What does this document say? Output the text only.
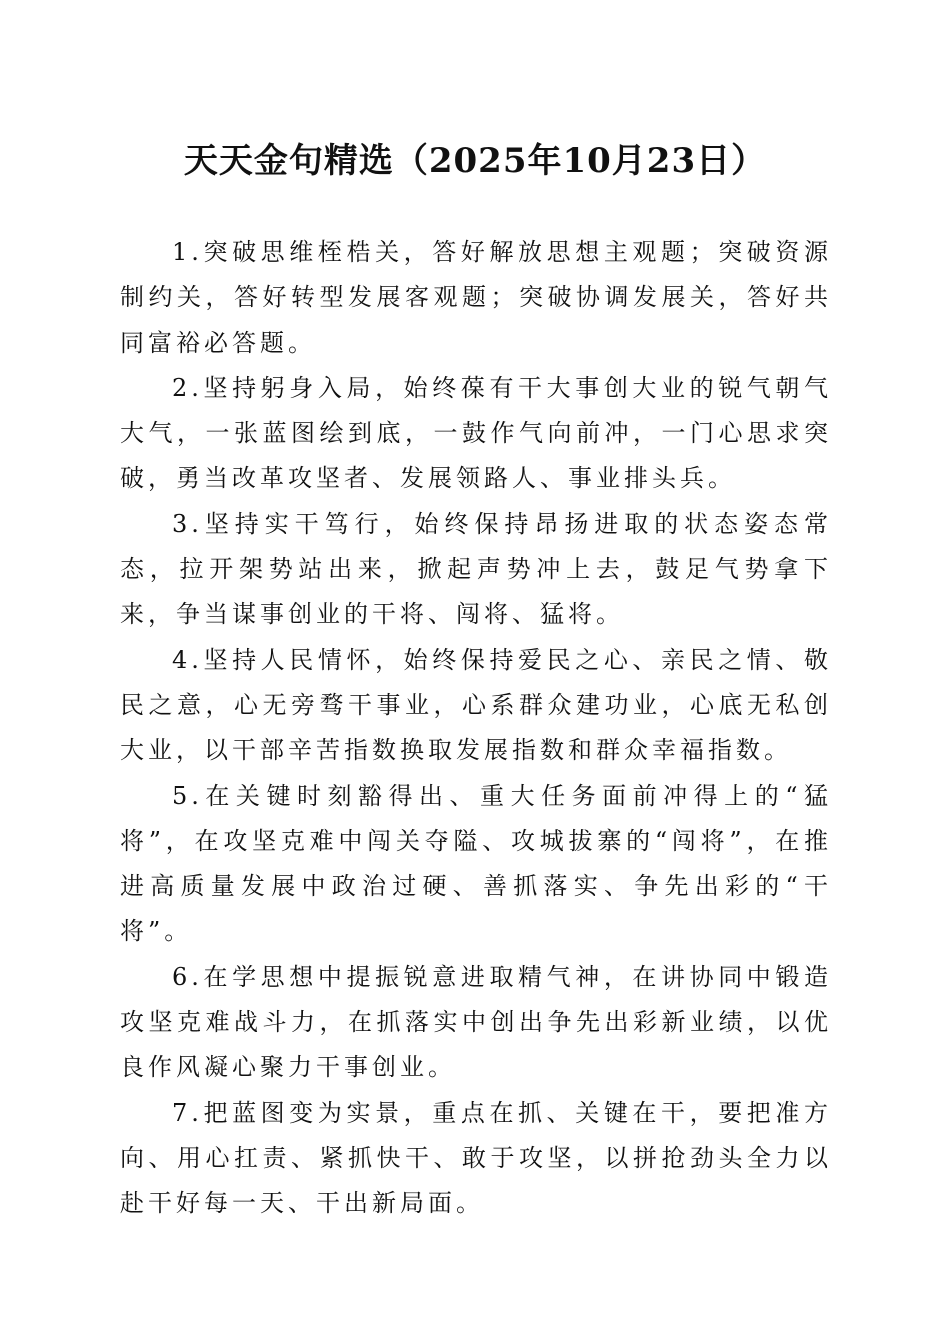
天天金句精选（2025年10月23日）

1.突破思维桎梏关，答好解放思想主观题；突破资源制约关，答好转型发展客观题；突破协调发展关，答好共同富裕必答题。

2.坚持躬身入局，始终葆有干大事创大业的锐气朝气大气，一张蓝图绘到底，一鼓作气向前冲，一门心思求突破，勇当改革攻坚者、发展领路人、事业排头兵。

3.坚持实干笃行，始终保持昂扬进取的状态姿态常态，拉开架势站出来，掀起声势冲上去，鼓足气势拿下来，争当谋事创业的干将、闯将、猛将。

4.坚持人民情怀，始终保持爱民之心、亲民之情、敬民之意，心无旁骛干事业，心系群众建功业，心底无私创大业，以干部辛苦指数换取发展指数和群众幸福指数。

5.在关键时刻豁得出、重大任务面前冲得上的“猛将”，在攻坚克难中闯关夺隘、攻城拔寨的“闯将”，在推进高质量发展中政治过硬、善抓落实、争先出彩的“干将”。

6.在学思想中提振锐意进取精气神，在讲协同中锻造攻坚克难战斗力，在抓落实中创出争先出彩新业绩，以优良作风凝心聚力干事创业。

7.把蓝图变为实景，重点在抓、关键在干，要把准方向、用心扛责、紧抓快干、敢于攻坚，以拼抢劲头全力以赴干好每一天、干出新局面。
